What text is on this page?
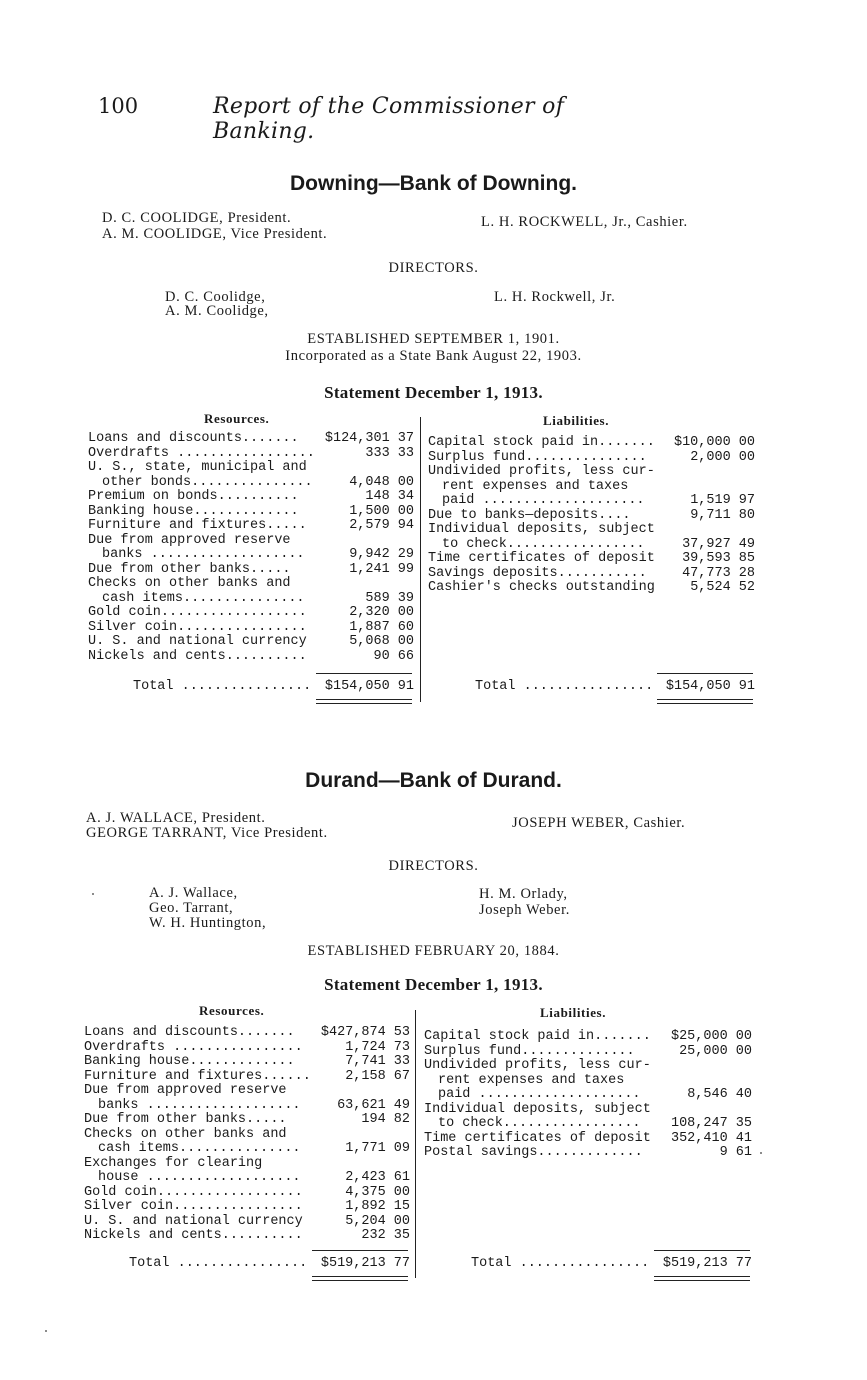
100	Report of the Commissioner of Banking.
Downing—Bank of Downing.
D. C. COOLIDGE, President.
A. M. COOLIDGE, Vice President.
L. H. ROCKWELL, Jr., Cashier.
DIRECTORS.
D. C. Coolidge,
A. M. Coolidge,
L. H. Rockwell, Jr.
ESTABLISHED SEPTEMBER 1, 1901.
Incorporated as a State Bank August 22, 1903.
Statement December 1, 1913.
Resources.	Liabilities.
Loans and discounts....... $124,301 37
Overdrafts .................	333 33
U. S., state, municipal and
other bonds...............	4,048 00
Premium on bonds..........	148 34
Banking house.............	1,500 00
Furniture and fixtures.....	2,579 94
Due from approved reserve
banks ...................	9,942 29
Due from other banks.....	1,241 99
Checks on other banks and
cash items...............	589 39
Gold coin..................	2,320 00
Silver coin................	1,887 60
U. S. and national currency	5,068 00
Nickels and cents..........	90 66
Capital stock paid in....... $10,000 00
Surplus fund...............	2,000 00
Undivided profits, less cur-
rent expenses and taxes
paid ....................	1,519 97
Due to banks—deposits....	9,711 80
Individual deposits, subject
to check.................	37,927 49
Time certificates of deposit 39,593 85
Savings deposits...........	47,773 28
Cashier's checks outstanding	5,524 52
Total ................ $154,050 91	Total ................ $154,050 91
Durand—Bank of Durand.
A. J. WALLACE, President.
GEORGE TARRANT, Vice President.
JOSEPH WEBER, Cashier.
DIRECTORS.
A. J. Wallace,
Geo. Tarrant,
W. H. Huntington,
H. M. Orlady,
Joseph Weber.
ESTABLISHED FEBRUARY 20, 1884.
Statement December 1, 1913.
Resources.	Liabilities.
Loans and discounts....... $427,874 53
Overdrafts ................	1,724 73
Banking house.............	7,741 33
Furniture and fixtures......	2,158 67
Due from approved reserve
banks ...................	63,621 49
Due from other banks.....	194 82
Checks on other banks and
cash items...............	1,771 09
Exchanges for clearing
house ...................	2,423 61
Gold coin..................	4,375 00
Silver coin................	1,892 15
U. S. and national currency	5,204 00
Nickels and cents..........	232 35
Capital stock paid in....... $25,000 00
Surplus fund..............	25,000 00
Undivided profits, less cur-
rent expenses and taxes
paid ....................	8,546 40
Individual deposits, subject
to check................. 108,247 35
Time certificates of deposit 352,410 41
Postal savings.............	9 61
Total ................ $519,213 77	Total ................ $519,213 77
